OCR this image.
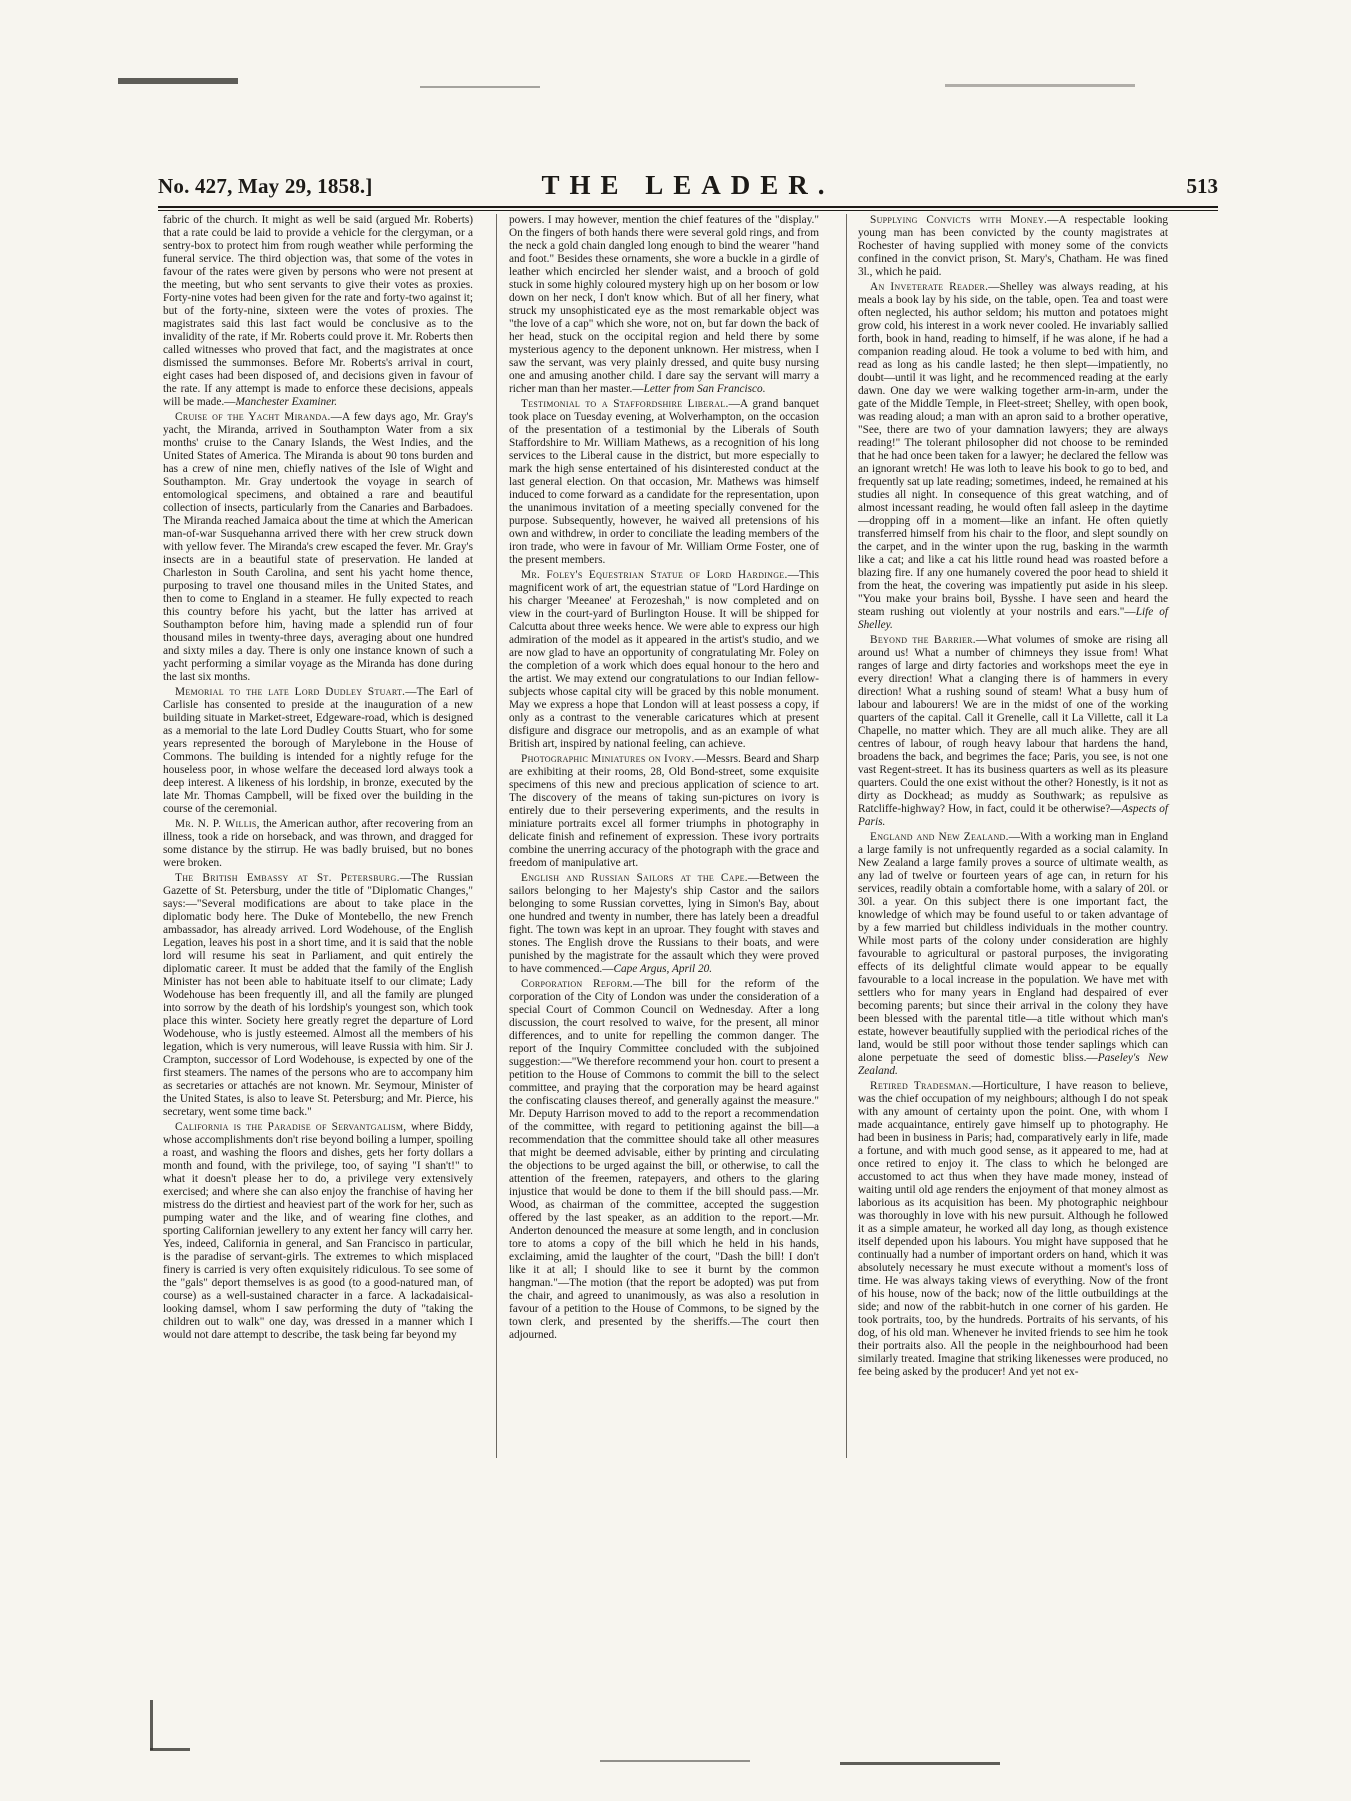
No. 427, May 29, 1858.]	THE LEADER.	513

fabric of the church. It might as well be said (argued Mr. Roberts) that a rate could be laid to provide a vehicle for the clergyman, or a sentry-box to protect him from rough weather while performing the funeral service. The third objection was, that some of the votes in favour of the rates were given by persons who were not present at the meeting, but who sent servants to give their votes as proxies. Forty-nine votes had been given for the rate and forty-two against it; but of the forty-nine, sixteen were the votes of proxies. The magistrates said this last fact would be conclusive as to the invalidity of the rate, if Mr. Roberts could prove it. Mr. Roberts then called witnesses who proved that fact, and the magistrates at once dismissed the summonses. Before Mr. Roberts's arrival in court, eight cases had been disposed of, and decisions given in favour of the rate. If any attempt is made to enforce these decisions, appeals will be made.—Manchester Examiner.

Cruise of the Yacht Miranda.—A few days ago, Mr. Gray's yacht, the Miranda, arrived in Southampton Water from a six months' cruise to the Canary Islands, the West Indies, and the United States of America. The Miranda is about 90 tons burden and has a crew of nine men, chiefly natives of the Isle of Wight and Southampton. Mr. Gray undertook the voyage in search of entomological specimens, and obtained a rare and beautiful collection of insects, particularly from the Canaries and Barbadoes. The Miranda reached Jamaica about the time at which the American man-of-war Susquehanna arrived there with her crew struck down with yellow fever. The Miranda's crew escaped the fever. Mr. Gray's insects are in a beautiful state of preservation. He landed at Charleston in South Carolina, and sent his yacht home thence, purposing to travel one thousand miles in the United States, and then to come to England in a steamer. He fully expected to reach this country before his yacht, but the latter has arrived at Southampton before him, having made a splendid run of four thousand miles in twenty-three days, averaging about one hundred and sixty miles a day. There is only one instance known of such a yacht performing a similar voyage as the Miranda has done during the last six months.

Memorial to the late Lord Dudley Stuart.—The Earl of Carlisle has consented to preside at the inauguration of a new building situate in Market-street, Edgeware-road, which is designed as a memorial to the late Lord Dudley Coutts Stuart, who for some years represented the borough of Marylebone in the House of Commons. The building is intended for a nightly refuge for the houseless poor, in whose welfare the deceased lord always took a deep interest. A likeness of his lordship, in bronze, executed by the late Mr. Thomas Campbell, will be fixed over the building in the course of the ceremonial.

Mr. N. P. Willis, the American author, after recovering from an illness, took a ride on horseback, and was thrown, and dragged for some distance by the stirrup. He was badly bruised, but no bones were broken.

The British Embassy at St. Petersburg.—The Russian Gazette of St. Petersburg, under the title of "Diplomatic Changes," says:—"Several modifications are about to take place in the diplomatic body here. The Duke of Montebello, the new French ambassador, has already arrived. Lord Wodehouse, of the English Legation, leaves his post in a short time, and it is said that the noble lord will resume his seat in Parliament, and quit entirely the diplomatic career. It must be added that the family of the English Minister has not been able to habituate itself to our climate; Lady Wodehouse has been frequently ill, and all the family are plunged into sorrow by the death of his lordship's youngest son, which took place this winter. Society here greatly regret the departure of Lord Wodehouse, who is justly esteemed. Almost all the members of his legation, which is very numerous, will leave Russia with him. Sir J. Crampton, successor of Lord Wodehouse, is expected by one of the first steamers. The names of the persons who are to accompany him as secretaries or attachés are not known. Mr. Seymour, Minister of the United States, is also to leave St. Petersburg; and Mr. Pierce, his secretary, went some time back."

California is the Paradise of Servantgalism, where Biddy, whose accomplishments don't rise beyond boiling a lumper, spoiling a roast, and washing the floors and dishes, gets her forty dollars a month and found, with the privilege, too, of saying "I shan't!" to what it doesn't please her to do, a privilege very extensively exercised; and where she can also enjoy the franchise of having her mistress do the dirtiest and heaviest part of the work for her, such as pumping water and the like, and of wearing fine clothes, and sporting Californian jewellery to any extent her fancy will carry her. Yes, indeed, California in general, and San Francisco in particular, is the paradise of servant-girls. The extremes to which misplaced finery is carried is very often exquisitely ridiculous. To see some of the "gals" deport themselves is as good (to a good-natured man, of course) as a well-sustained character in a farce. A lackadaisical-looking damsel, whom I saw performing the duty of "taking the children out to walk" one day, was dressed in a manner which I would not dare attempt to describe, the task being far beyond my

powers. I may however, mention the chief features of the "display." On the fingers of both hands there were several gold rings, and from the neck a gold chain dangled long enough to bind the wearer "hand and foot." Besides these ornaments, she wore a buckle in a girdle of leather which encircled her slender waist, and a brooch of gold stuck in some highly coloured mystery high up on her bosom or low down on her neck, I don't know which. But of all her finery, what struck my unsophisticated eye as the most remarkable object was "the love of a cap" which she wore, not on, but far down the back of her head, stuck on the occipital region and held there by some mysterious agency to the deponent unknown. Her mistress, when I saw the servant, was very plainly dressed, and quite busy nursing one and amusing another child. I dare say the servant will marry a richer man than her master.—Letter from San Francisco.

Testimonial to a Staffordshire Liberal.—A grand banquet took place on Tuesday evening, at Wolverhampton, on the occasion of the presentation of a testimonial by the Liberals of South Staffordshire to Mr. William Mathews, as a recognition of his long services to the Liberal cause in the district, but more especially to mark the high sense entertained of his disinterested conduct at the last general election. On that occasion, Mr. Mathews was himself induced to come forward as a candidate for the representation, upon the unanimous invitation of a meeting specially convened for the purpose. Subsequently, however, he waived all pretensions of his own and withdrew, in order to conciliate the leading members of the iron trade, who were in favour of Mr. William Orme Foster, one of the present members.

Mr. Foley's Equestrian Statue of Lord Hardinge.—This magnificent work of art, the equestrian statue of "Lord Hardinge on his charger 'Meeanee' at Ferozeshah," is now completed and on view in the court-yard of Burlington House. It will be shipped for Calcutta about three weeks hence. We were able to express our high admiration of the model as it appeared in the artist's studio, and we are now glad to have an opportunity of congratulating Mr. Foley on the completion of a work which does equal honour to the hero and the artist. We may extend our congratulations to our Indian fellow-subjects whose capital city will be graced by this noble monument. May we express a hope that London will at least possess a copy, if only as a contrast to the venerable caricatures which at present disfigure and disgrace our metropolis, and as an example of what British art, inspired by national feeling, can achieve.

Photographic Miniatures on Ivory.—Messrs. Beard and Sharp are exhibiting at their rooms, 28, Old Bond-street, some exquisite specimens of this new and precious application of science to art. The discovery of the means of taking sun-pictures on ivory is entirely due to their persevering experiments, and the results in miniature portraits excel all former triumphs in photography in delicate finish and refinement of expression. These ivory portraits combine the unerring accuracy of the photograph with the grace and freedom of manipulative art.

English and Russian Sailors at the Cape.—Between the sailors belonging to her Majesty's ship Castor and the sailors belonging to some Russian corvettes, lying in Simon's Bay, about one hundred and twenty in number, there has lately been a dreadful fight. The town was kept in an uproar. They fought with staves and stones. The English drove the Russians to their boats, and were punished by the magistrate for the assault which they were proved to have commenced.—Cape Argus, April 20.

Corporation Reform.—The bill for the reform of the corporation of the City of London was under the consideration of a special Court of Common Council on Wednesday. After a long discussion, the court resolved to waive, for the present, all minor differences, and to unite for repelling the common danger. The report of the Inquiry Committee concluded with the subjoined suggestion:—"We therefore recommend your hon. court to present a petition to the House of Commons to commit the bill to the select committee, and praying that the corporation may be heard against the confiscating clauses thereof, and generally against the measure." Mr. Deputy Harrison moved to add to the report a recommendation of the committee, with regard to petitioning against the bill—a recommendation that the committee should take all other measures that might be deemed advisable, either by printing and circulating the objections to be urged against the bill, or otherwise, to call the attention of the freemen, ratepayers, and others to the glaring injustice that would be done to them if the bill should pass.—Mr. Wood, as chairman of the committee, accepted the suggestion offered by the last speaker, as an addition to the report.—Mr. Anderton denounced the measure at some length, and in conclusion tore to atoms a copy of the bill which he held in his hands, exclaiming, amid the laughter of the court, "Dash the bill! I don't like it at all; I should like to see it burnt by the common hangman."—The motion (that the report be adopted) was put from the chair, and agreed to unanimously, as was also a resolution in favour of a petition to the House of Commons, to be signed by the town clerk, and presented by the sheriffs.—The court then adjourned.

Supplying Convicts with Money.—A respectable looking young man has been convicted by the county magistrates at Rochester of having supplied with money some of the convicts confined in the convict prison, St. Mary's, Chatham. He was fined 3l., which he paid.

An Inveterate Reader.—Shelley was always reading, at his meals a book lay by his side, on the table, open. Tea and toast were often neglected, his author seldom; his mutton and potatoes might grow cold, his interest in a work never cooled. He invariably sallied forth, book in hand, reading to himself, if he was alone, if he had a companion reading aloud. He took a volume to bed with him, and read as long as his candle lasted; he then slept—impatiently, no doubt—until it was light, and he recommenced reading at the early dawn. One day we were walking together arm-in-arm, under the gate of the Middle Temple, in Fleet-street; Shelley, with open book, was reading aloud; a man with an apron said to a brother operative, "See, there are two of your damnation lawyers; they are always reading!" The tolerant philosopher did not choose to be reminded that he had once been taken for a lawyer; he declared the fellow was an ignorant wretch! He was loth to leave his book to go to bed, and frequently sat up late reading; sometimes, indeed, he remained at his studies all night. In consequence of this great watching, and of almost incessant reading, he would often fall asleep in the daytime—dropping off in a moment—like an infant. He often quietly transferred himself from his chair to the floor, and slept soundly on the carpet, and in the winter upon the rug, basking in the warmth like a cat; and like a cat his little round head was roasted before a blazing fire. If any one humanely covered the poor head to shield it from the heat, the covering was impatiently put aside in his sleep. "You make your brains boil, Bysshe. I have seen and heard the steam rushing out violently at your nostrils and ears."—Life of Shelley.

Beyond the Barrier.—What volumes of smoke are rising all around us! What a number of chimneys they issue from! What ranges of large and dirty factories and workshops meet the eye in every direction! What a clanging there is of hammers in every direction! What a rushing sound of steam! What a busy hum of labour and labourers! We are in the midst of one of the working quarters of the capital. Call it Grenelle, call it La Villette, call it La Chapelle, no matter which. They are all much alike. They are all centres of labour, of rough heavy labour that hardens the hand, broadens the back, and begrimes the face; Paris, you see, is not one vast Regent-street. It has its business quarters as well as its pleasure quarters. Could the one exist without the other? Honestly, is it not as dirty as Dockhead; as muddy as Southwark; as repulsive as Ratcliffe-highway? How, in fact, could it be otherwise?—Aspects of Paris.

England and New Zealand.—With a working man in England a large family is not unfrequently regarded as a social calamity. In New Zealand a large family proves a source of ultimate wealth, as any lad of twelve or fourteen years of age can, in return for his services, readily obtain a comfortable home, with a salary of 20l. or 30l. a year. On this subject there is one important fact, the knowledge of which may be found useful to or taken advantage of by a few married but childless individuals in the mother country. While most parts of the colony under consideration are highly favourable to agricultural or pastoral purposes, the invigorating effects of its delightful climate would appear to be equally favourable to a local increase in the population. We have met with settlers who for many years in England had despaired of ever becoming parents; but since their arrival in the colony they have been blessed with the parental title—a title without which man's estate, however beautifully supplied with the periodical riches of the land, would be still poor without those tender saplings which can alone perpetuate the seed of domestic bliss.—Paseley's New Zealand.

Retired Tradesman.—Horticulture, I have reason to believe, was the chief occupation of my neighbours; although I do not speak with any amount of certainty upon the point. One, with whom I made acquaintance, entirely gave himself up to photography. He had been in business in Paris; had, comparatively early in life, made a fortune, and with much good sense, as it appeared to me, had at once retired to enjoy it. The class to which he belonged are accustomed to act thus when they have made money, instead of waiting until old age renders the enjoyment of that money almost as laborious as its acquisition has been. My photographic neighbour was thoroughly in love with his new pursuit. Although he followed it as a simple amateur, he worked all day long, as though existence itself depended upon his labours. You might have supposed that he continually had a number of important orders on hand, which it was absolutely necessary he must execute without a moment's loss of time. He was always taking views of everything. Now of the front of his house, now of the back; now of the little outbuildings at the side; and now of the rabbit-hutch in one corner of his garden. He took portraits, too, by the hundreds. Portraits of his servants, of his dog, of his old man. Whenever he invited friends to see him he took their portraits also. All the people in the neighbourhood had been similarly treated. Imagine that striking likenesses were produced, no fee being asked by the producer! And yet not ex-
